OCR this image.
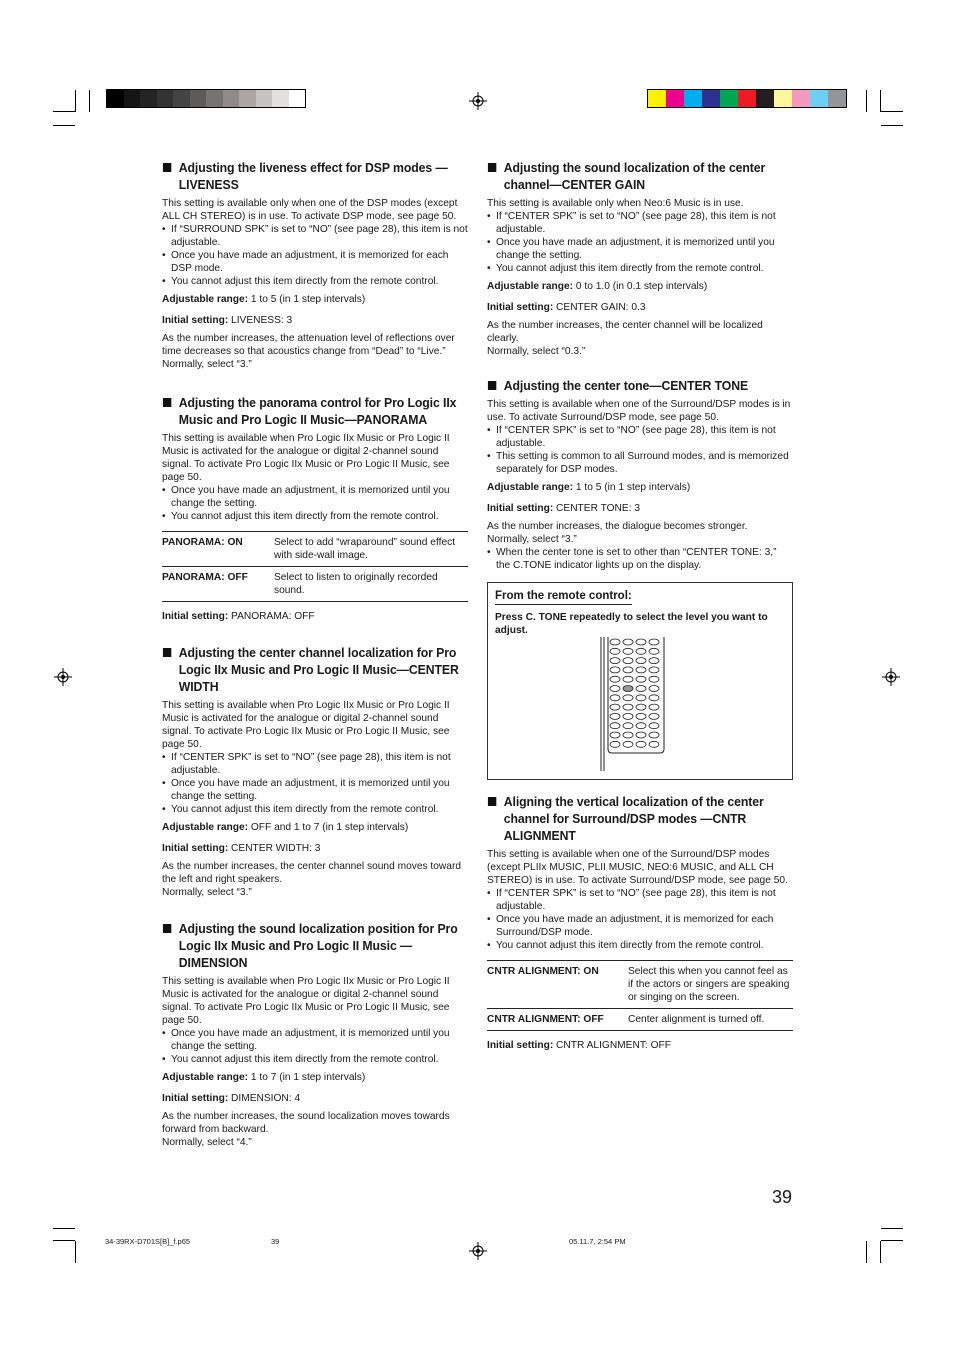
Adjusting the liveness effect for DSP modes —LIVENESS

This setting is available only when one of the DSP modes (except ALL CH STEREO) is in use. To activate DSP mode, see page 50.

• If “SURROUND SPK” is set to “NO” (see page 28), this item is not adjustable.
• Once you have made an adjustment, it is memorized for each DSP mode.
• You cannot adjust this item directly from the remote control.

Adjustable range: 1 to 5 (in 1 step intervals)

Initial setting: LIVENESS: 3

As the number increases, the attenuation level of reflections over time decreases so that acoustics change from “Dead” to “Live.”

Normally, select “3.”

Adjusting the panorama control for Pro Logic IIx Music and Pro Logic II Music—PANORAMA

This setting is available when Pro Logic IIx Music or Pro Logic II Music is activated for the analogue or digital 2-channel sound signal. To activate Pro Logic IIx Music or Pro Logic II Music, see page 50.

• Once you have made an adjustment, it is memorized until you change the setting.
• You cannot adjust this item directly from the remote control.
PANORAMA: ON	Select to add “wraparound” sound effect with side-wall image.
PANORAMA: OFF	Select to listen to originally recorded sound.

Initial setting: PANORAMA: OFF

Adjusting the center channel localization for Pro Logic IIx Music and Pro Logic II Music—CENTER WIDTH

This setting is available when Pro Logic IIx Music or Pro Logic II Music is activated for the analogue or digital 2-channel sound signal. To activate Pro Logic IIx Music or Pro Logic II Music, see page 50.

• If “CENTER SPK” is set to “NO” (see page 28), this item is not adjustable.
• Once you have made an adjustment, it is memorized until you change the setting.
• You cannot adjust this item directly from the remote control.

Adjustable range: OFF and 1 to 7 (in 1 step intervals)

Initial setting: CENTER WIDTH: 3

As the number increases, the center channel sound moves toward the left and right speakers.

Normally, select “3.”

Adjusting the sound localization position for Pro Logic IIx Music and Pro Logic II Music —DIMENSION

This setting is available when Pro Logic IIx Music or Pro Logic II Music is activated for the analogue or digital 2-channel sound signal. To activate Pro Logic IIx Music or Pro Logic II Music, see page 50.

• Once you have made an adjustment, it is memorized until you change the setting.
• You cannot adjust this item directly from the remote control.

Adjustable range: 1 to 7 (in 1 step intervals)

Initial setting: DIMENSION: 4

As the number increases, the sound localization moves towards forward from backward.

Normally, select “4.”

Adjusting the sound localization of the center channel—CENTER GAIN

This setting is available only when Neo:6 Music is in use.

• If “CENTER SPK” is set to “NO” (see page 28), this item is not adjustable.
• Once you have made an adjustment, it is memorized until you change the setting.
• You cannot adjust this item directly from the remote control.

Adjustable range: 0 to 1.0 (in 0.1 step intervals)

Initial setting: CENTER GAIN: 0.3

As the number increases, the center channel will be localized clearly.

Normally, select “0.3.”

Adjusting the center tone—CENTER TONE

This setting is available when one of the Surround/DSP modes is in use. To activate Surround/DSP mode, see page 50.

• If “CENTER SPK” is set to “NO” (see page 28), this item is not adjustable.
• This setting is common to all Surround modes, and is memorized separately for DSP modes.

Adjustable range: 1 to 5 (in 1 step intervals)

Initial setting: CENTER TONE: 3

As the number increases, the dialogue becomes stronger.

Normally, select “3.”

• When the center tone is set to other than “CENTER TONE: 3,” the C.TONE indicator lights up on the display.
From the remote control:
Press C. TONE repeatedly to select the level you want to adjust.
Aligning the vertical localization of the center channel for Surround/DSP modes —CNTR ALIGNMENT

This setting is available when one of the Surround/DSP modes (except PLIIx MUSIC, PLII MUSIC, NEO:6 MUSIC, and ALL CH STEREO) is in use. To activate Surround/DSP mode, see page 50.

• If “CENTER SPK” is set to “NO” (see page 28), this item is not adjustable.
• Once you have made an adjustment, it is memorized for each Surround/DSP mode.
• You cannot adjust this item directly from the remote control.
CNTR ALIGNMENT: ON	Select this when you cannot feel as if the actors or singers are speaking or singing on the screen.
CNTR ALIGNMENT: OFF	Center alignment is turned off.

Initial setting: CNTR ALIGNMENT: OFF

39
34-39RX-D701S[B]_f.p65	39	05.11.7, 2:54 PM
